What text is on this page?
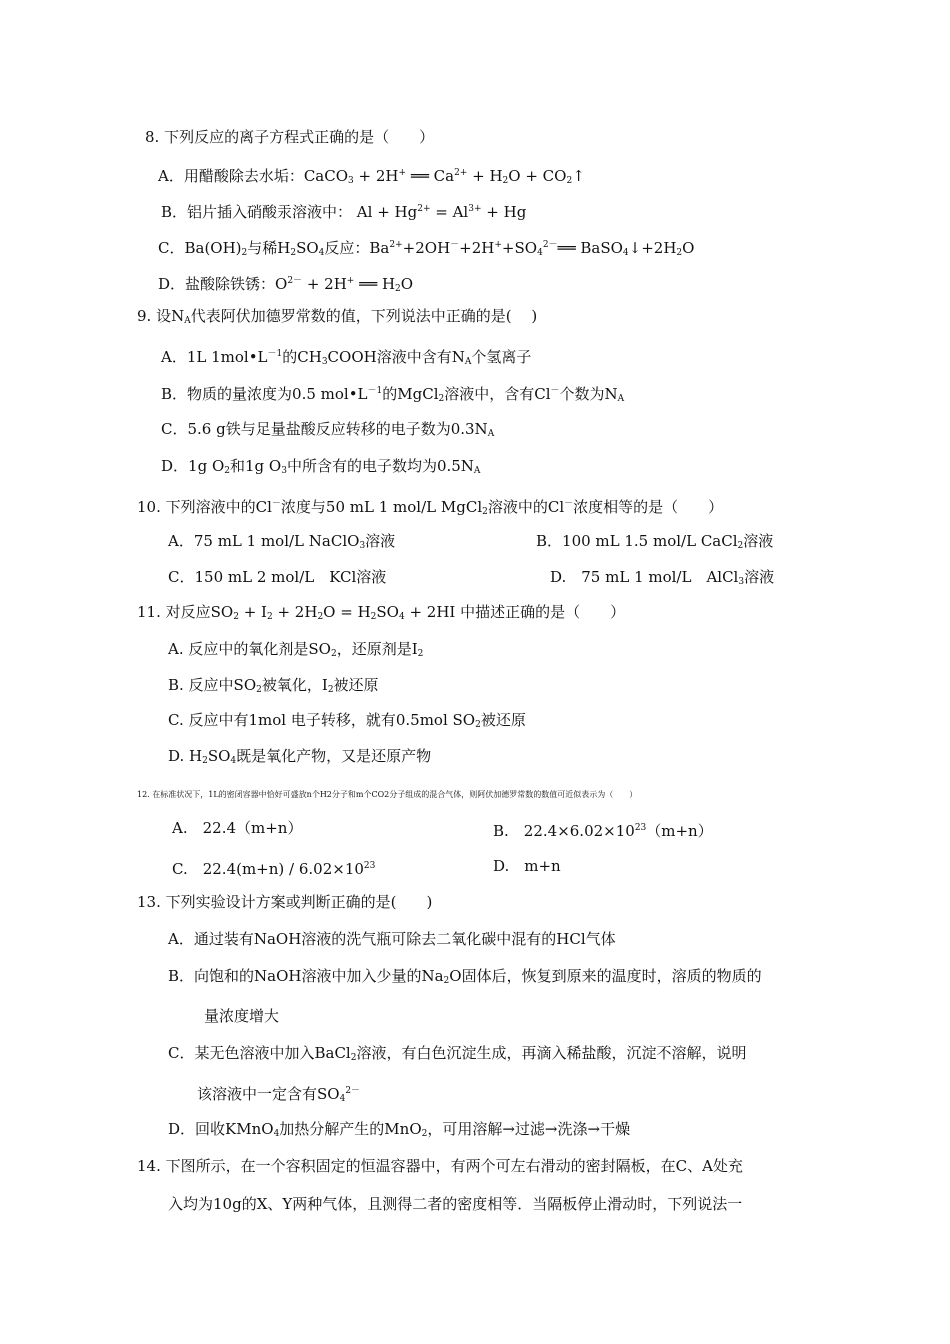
8. 下列反应的离子方程式正确的是（　　）
A．用醋酸除去水垢：CaCO$_3$ + 2H+ ══ $Ca^{2+} + H_2O$ + $CO_2↑$
B．铝片插入硝酸汞溶液中： $Al + Hg^{2+} = Al^{3+} + Hg$
C．$Ba(OH)_2$与稀$H_2SO_4$反应：$Ba^{2+}+2OH^-+2H^++SO_4^{2-}══$ $BaSO_4↓+2H_2O$
D．盐酸除铁锈：$O^{2-} + 2H^+$ ══ $H_2O$
9. 设$N_A$代表阿伏加德罗常数的值，下列说法中正确的是(　 )
A．1L $1mol•L^{-1}$的$CH_3COOH$溶液中含有$N_A$个氢离子
B．物质的量浓度为0.5 $mol•L^{-1}$的MgCl$_2$溶液中，含有Cl－个数为$N_A$
C．5.6 g铁与足量盐酸反应转移的电子数为$0.3N_A$
D．1g $O_2$和1g $O_3$中所含有的电子数均为$0.5N_A$
10. 下列溶液中的Cl－浓度与50 mL 1 mol/L MgCl$_2$溶液中的Cl－浓度相等的是（　　）
A．75 mL 1 mol/L NaClO$_3$溶液	B．100 mL 1.5 mol/L CaCl$_2$溶液
C．150 mL 2 mol/L　KCl溶液	D.　75 mL 1 mol/L　AlCl$_3$溶液
11. 对反应$SO_2 + I_2 + 2H_2O = H_2SO_4 + 2HI$ 中描述正确的是（　　）
A. 反应中的氧化剂是$SO_2$，还原剂是$I_2$
B. 反应中$SO_2$被氧化，$I_2$被还原
C. 反应中有1mol 电子转移，就有0.5mol $SO_2$被还原
D. $H_2SO_4$既是氧化产物，又是还原产物
12. 在标准状况下，1L的密闭容器中恰好可盛放n个H2分子和m个CO2分子组成的混合气体，则阿伏加德罗常数的数值可近似表示为（　　）
A.　22.4（m+n）	B.　$22.4\times 6.02\times 10^{23}(m+n)$
C.　$22.4(m+n) / 6.02\times 10^{23}$	D.　m+n
13. 下列实验设计方案或判断正确的是(　　)
A．通过装有NaOH溶液的洗气瓶可除去二氧化碳中混有的HCl气体
B．向饱和的NaOH溶液中加入少量的$Na_2O$固体后，恢复到原来的温度时，溶质的物质的
量浓度增大
C．某无色溶液中加入BaCl$_2$溶液，有白色沉淀生成，再滴入稀盐酸，沉淀不溶解，说明
该溶液中一定含有$SO_4^{2-}$
D．回收KMnO$_4$加热分解产生的MnO$_2$，可用溶解→过滤→洗涤→干燥
14. 下图所示，在一个容积固定的恒温容器中，有两个可左右滑动的密封隔板，在C、A处充
入均为10g的X、Y两种气体，且测得二者的密度相等．当隔板停止滑动时，下列说法一
